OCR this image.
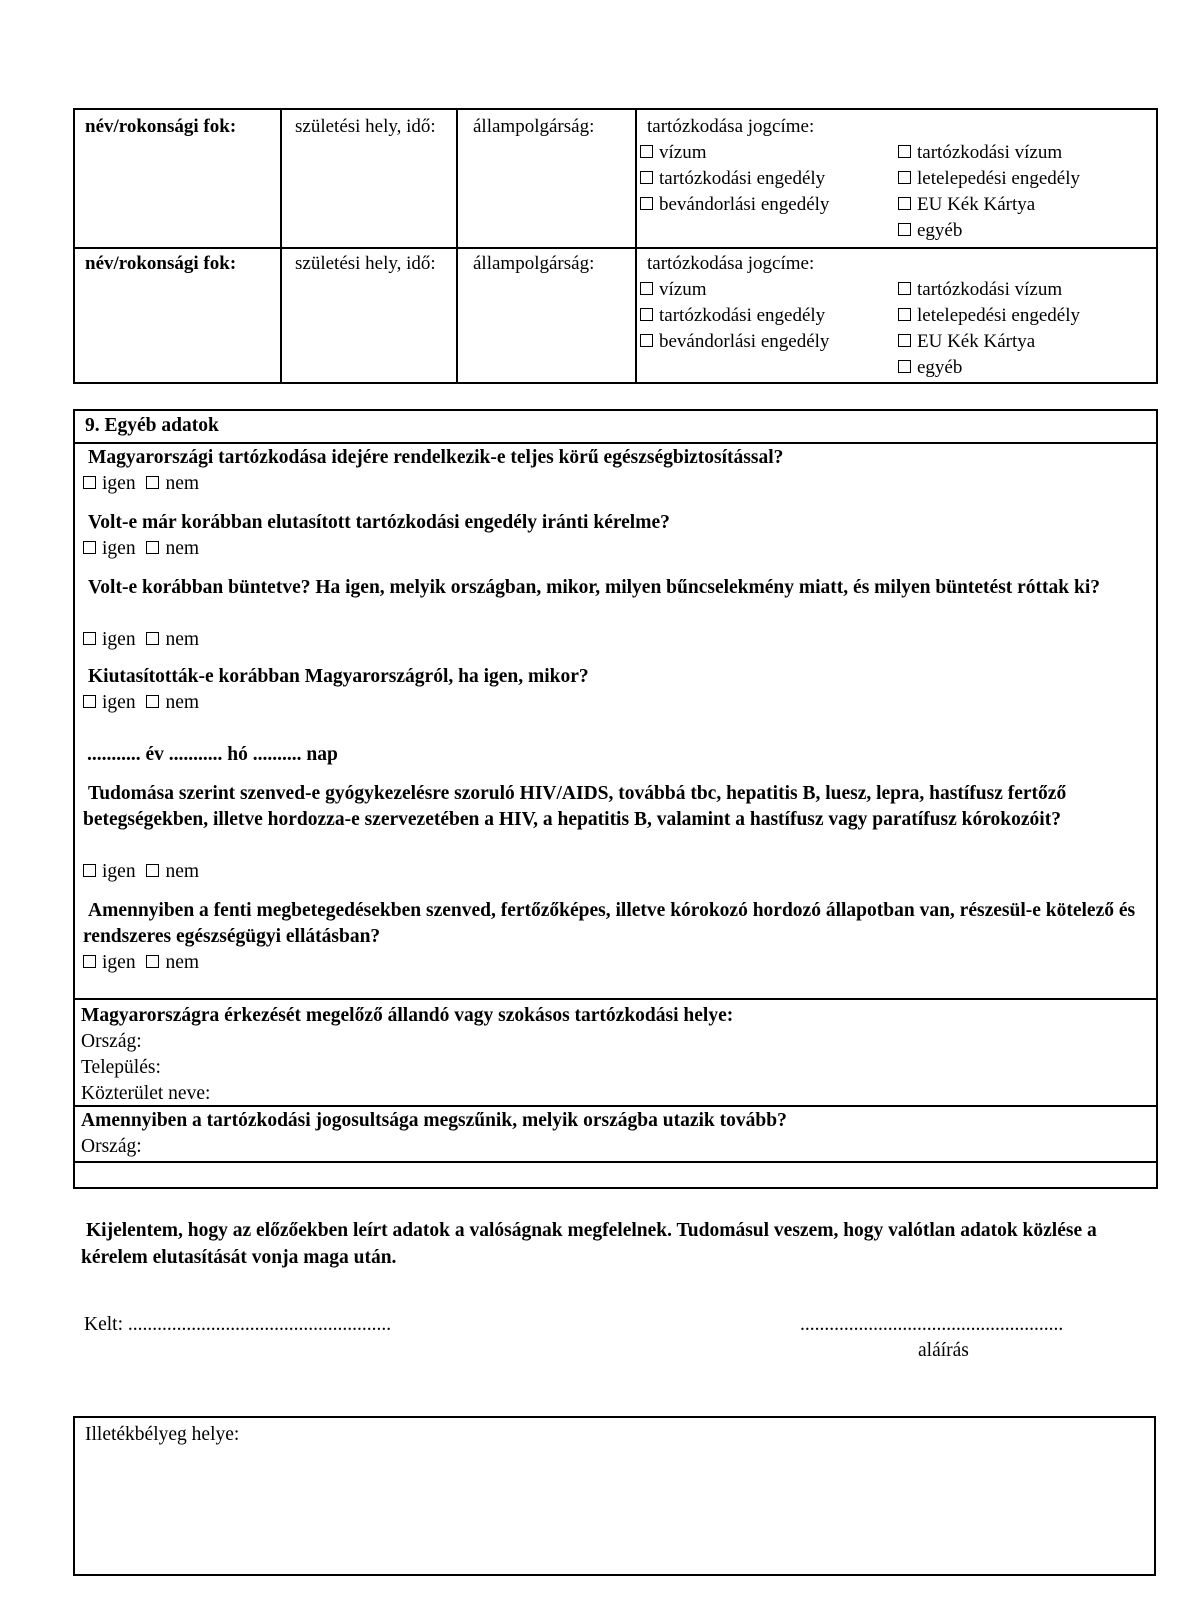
név/rokonsági fok:	születési hely, idő:	állampolgárság:	tartózkodása jogcíme:
vízum
tartózkodási engedély
bevándorlási engedély
tartózkodási vízum
letelepedési engedély
EU Kék Kártya
egyéb
név/rokonsági fok:	születési hely, idő:	állampolgárság:	tartózkodása jogcíme:
vízum
tartózkodási engedély
bevándorlási engedély
tartózkodási vízum
letelepedési engedély
EU Kék Kártya
egyéb
9. Egyéb adatok
Magyarországi tartózkodása idejére rendelkezik-e teljes körű egészségbiztosítással?
igen nem
Volt-e már korábban elutasított tartózkodási engedély iránti kérelme?
igen nem
Volt-e korábban büntetve? Ha igen, melyik országban, mikor, milyen bűncselekmény miatt, és milyen büntetést róttak ki?
igen nem
Kiutasították-e korábban Magyarországról, ha igen, mikor?
igen nem
........... év ........... hó .......... nap
Tudomása szerint szenved-e gyógykezelésre szoruló HIV/AIDS, továbbá tbc, hepatitis B, luesz, lepra, hastífusz fertőző betegségekben, illetve hordozza-e szervezetében a HIV, a hepatitis B, valamint a hastífusz vagy paratífusz kórokozóit?
igen nem
Amennyiben a fenti megbetegedésekben szenved, fertőzőképes, illetve kórokozó hordozó állapotban van, részesül-e kötelező és rendszeres egészségügyi ellátásban?
igen nem
Magyarországra érkezését megelőző állandó vagy szokásos tartózkodási helye:
Ország:
Település:
Közterület neve:
Amennyiben a tartózkodási jogosultsága megszűnik, melyik országba utazik tovább?
Ország:
Kijelentem, hogy az előzőekben leírt adatok a valóságnak megfelelnek. Tudomásul veszem, hogy valótlan adatok közlése a kérelem elutasítását vonja maga után.
Kelt: ......................................................	......................................................
aláírás
Illetékbélyeg helye:
